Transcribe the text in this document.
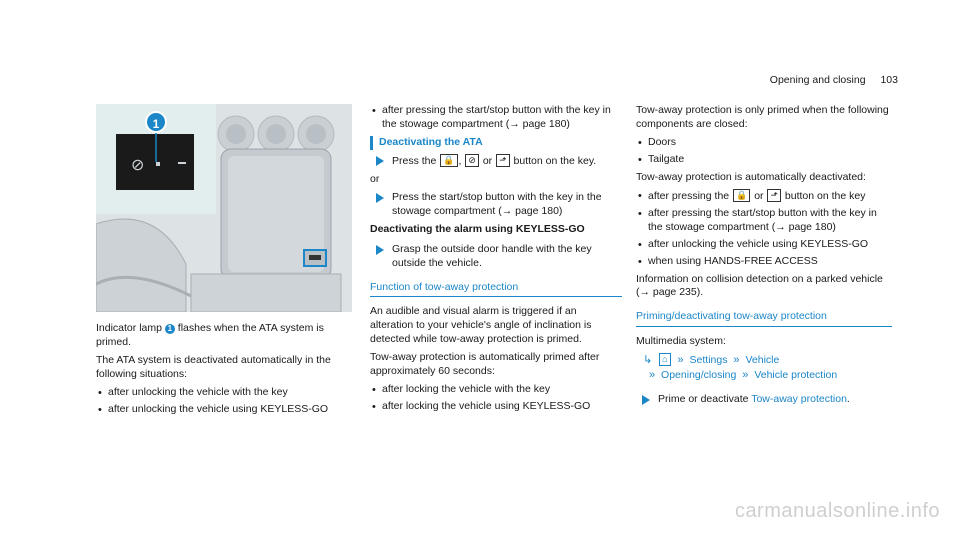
Opening and closing 103
⊘
1

Indicator lamp 1 flashes when the ATA system is primed.

The ATA system is deactivated automatically in the following situations:

• after unlocking the vehicle with the key
• after unlocking the vehicle using KEYLESS-GO
• after pressing the start/stop button with the key in the stowage compartment (→ page 180)
Deactivating the ATA
Press the 🔒 , ⊘ or ⬏ button on the key.

or

Press the start/stop button with the key in the stowage compartment (→ page 180)
Deactivating the alarm using KEYLESS-GO
Grasp the outside door handle with the key outside the vehicle.
Function of tow-away protection

An audible and visual alarm is triggered if an alteration to your vehicle's angle of inclination is detected while tow-away protection is primed.

Tow-away protection is automatically primed after approximately 60 seconds:

• after locking the vehicle with the key
• after locking the vehicle using KEYLESS-GO

Tow-away protection is only primed when the following components are closed:

• Doors
• Tailgate

Tow-away protection is automatically deactivated:

• after pressing the 🔒 or ⬏ button on the key
• after pressing the start/stop button with the key in the stowage compartment (→ page 180)
• after unlocking the vehicle using KEYLESS-GO
• when using HANDS-FREE ACCESS

Information on collision detection on a parked vehicle (→ page 235).

Priming/deactivating tow-away protection

Multimedia system:

↳ ⌂ » Settings » Vehicle
» Opening/closing » Vehicle protection
Prime or deactivate Tow-away protection.
carmanualsonline.info
